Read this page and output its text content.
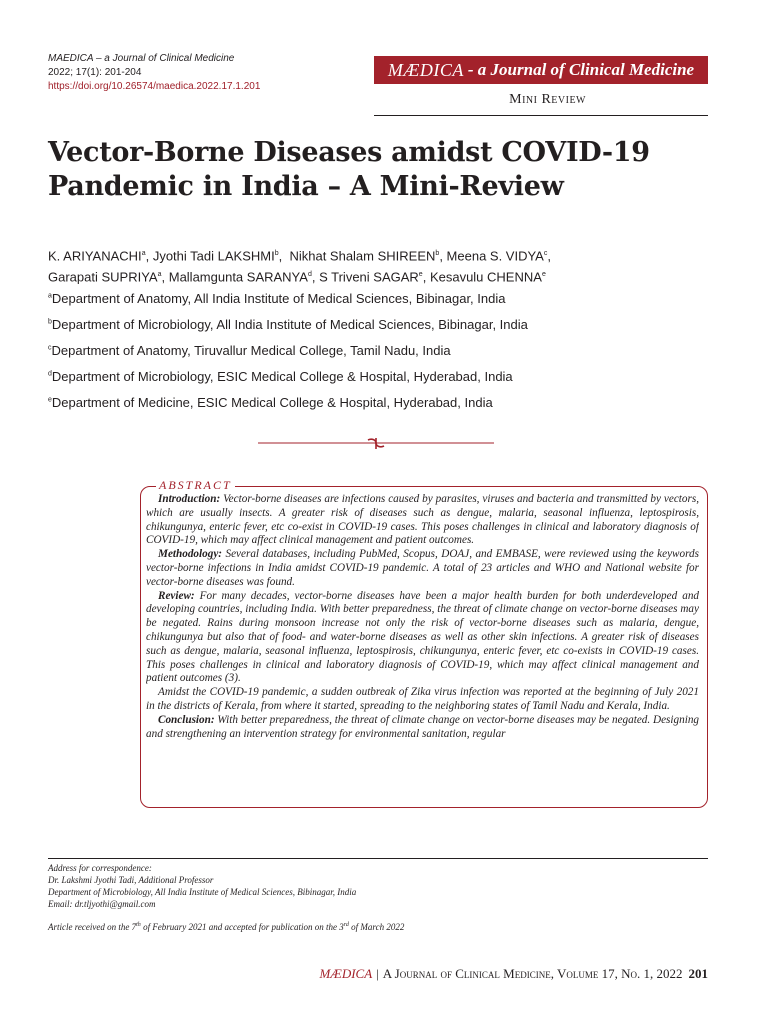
MAEDICA – a Journal of Clinical Medicine
2022; 17(1): 201-204
https://doi.org/10.26574/maedica.2022.17.1.201
MÆDICA - a Journal of Clinical Medicine
Mini Review
Vector-Borne Diseases amidst COVID-19 Pandemic in India – A Mini-Review
K. ARIYANACHI$^a$, Jyothi Tadi LAKSHMI$^b$,  Nikhat Shalam SHIREEN$^b$, Meena S. VIDYA$^c$,
Garapati SUPRIYA$^a$, Mallamgunta SARANYA$^d$, S Triveni SAGAR$^e$, Kesavulu CHENNA$^e$
$^a$Department of Anatomy, All India Institute of Medical Sciences, Bibinagar, India
$^b$Department of Microbiology, All India Institute of Medical Sciences, Bibinagar, India
$^c$Department of Anatomy, Tiruvallur Medical College, Tamil Nadu, India
$^d$Department of Microbiology, ESIC Medical College & Hospital, Hyderabad, India
$^e$Department of Medicine, ESIC Medical College & Hospital, Hyderabad, India
ABSTRACT

Introduction: Vector-borne diseases are infections caused by parasites, viruses and bacteria and transmitted by vectors, which are usually insects. A greater risk of diseases such as dengue, malaria, seasonal influenza, leptospirosis, chikungunya, enteric fever, etc co-exist in COVID-19 cases. This poses challenges in clinical and laboratory diagnosis of COVID-19, which may affect clinical management and patient outcomes.

Methodology: Several databases, including PubMed, Scopus, DOAJ, and EMBASE, were reviewed using the keywords vector-borne infections in India amidst COVID-19 pandemic. A total of 23 articles and WHO and National website for vector-borne diseases was found.

Review: For many decades, vector-borne diseases have been a major health burden for both underdeveloped and developing countries, including India. With better preparedness, the threat of climate change on vector-borne diseases may be negated. Rains during monsoon increase not only the risk of vector-borne diseases such as malaria, dengue, chikungunya but also that of food- and water-borne diseases as well as other skin infections. A greater risk of diseases such as dengue, malaria, seasonal influenza, leptospirosis, chikungunya, enteric fever, etc co-exists in COVID-19 cases. This poses challenges in clinical and laboratory diagnosis of COVID-19, which may affect clinical management and patient outcomes (3).

Amidst the COVID-19 pandemic, a sudden outbreak of Zika virus infection was reported at the beginning of July 2021 in the districts of Kerala, from where it started, spreading to the neighboring states of Tamil Nadu and Kerala, India.

Conclusion: With better preparedness, the threat of climate change on vector-borne diseases may be negated. Designing and strengthening an intervention strategy for environmental sanitation, regular

Address for correspondence:
Dr. Lakshmi Jyothi Tadi, Additional Professor
Department of Microbiology, All India Institute of Medical Sciences, Bibinagar, India
Email: dr.tljyothi@gmail.com
Article received on the 7th of February 2021 and accepted for publication on the 3rd of March 2022
MÆDICA | A Journal of Clinical Medicine, Volume 17, No. 1, 2022 201
